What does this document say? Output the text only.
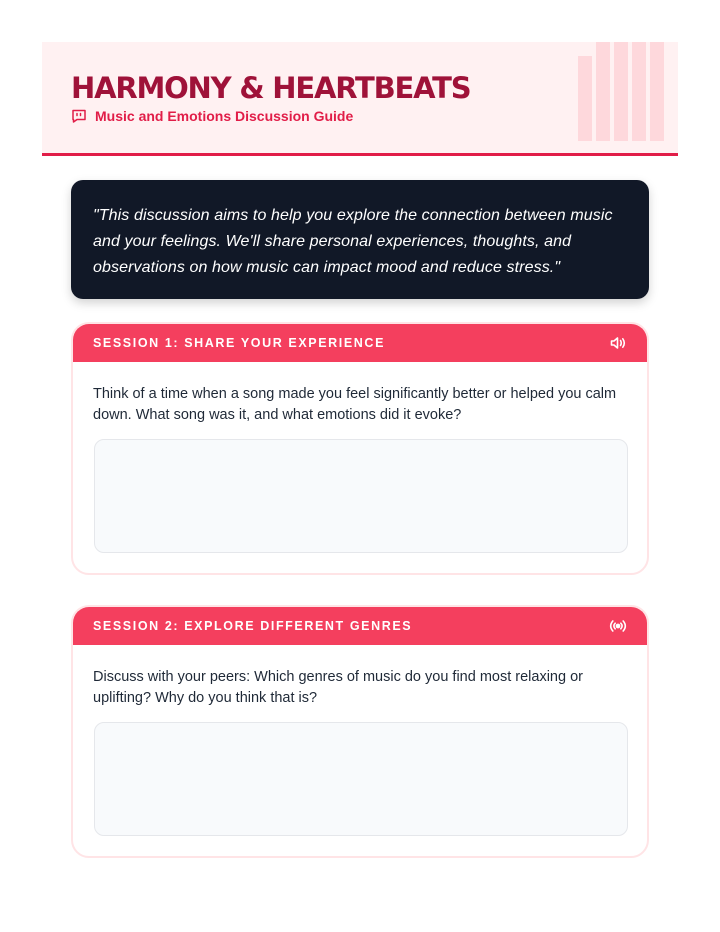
HARMONY & HEARTBEATS
Music and Emotions Discussion Guide

"This discussion aims to help you explore the connection between music and your feelings. We'll share personal experiences, thoughts, and observations on how music can impact mood and reduce stress."

SESSION 1: SHARE YOUR EXPERIENCE

Think of a time when a song made you feel significantly better or helped you calm down. What song was it, and what emotions did it evoke?

SESSION 2: EXPLORE DIFFERENT GENRES

Discuss with your peers: Which genres of music do you find most relaxing or uplifting? Why do you think that is?
